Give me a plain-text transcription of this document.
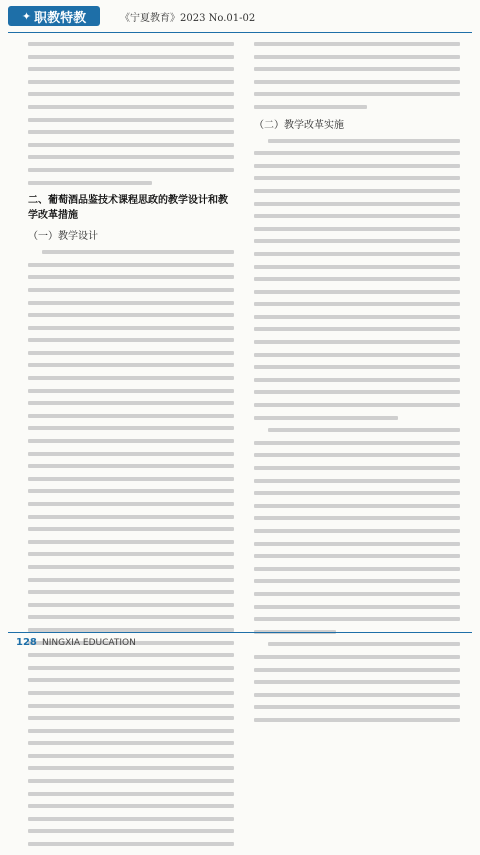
✦ 职教特教	《宁夏教育》2023 No.01-02
二、葡萄酒品鉴技术课程思政的教学设计和教学改革措施
（一）教学设计
（二）教学改革实施
128 NINGXIA EDUCATION
